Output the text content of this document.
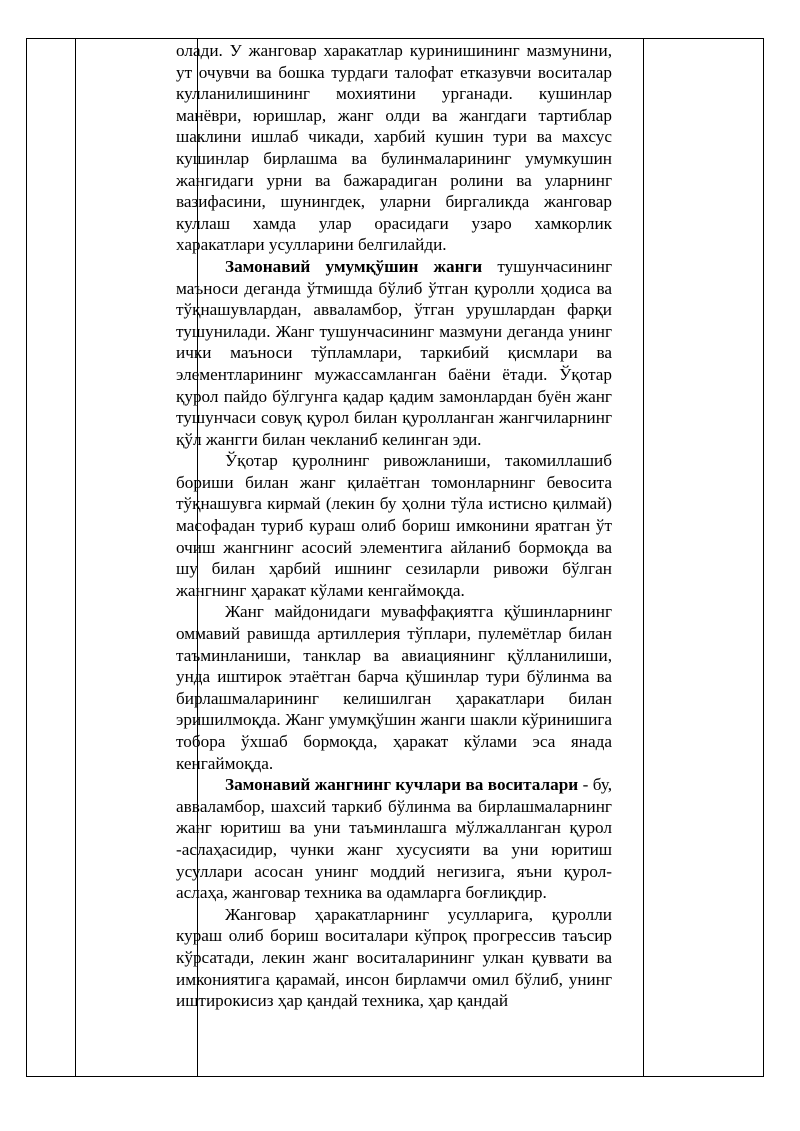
олади. У жанговар харакатлар куринишининг мазмунини, ут очувчи ва бошка турдаги талофат етказувчи воситалар кулланилишининг мохиятини урганади. кушинлар манёври, юришлар, жанг олди ва жангдаги тартиблар шаклини ишлаб чикади, харбий кушин тури ва махсус кушинлар бирлашма ва булинмаларининг умумкушин жангидаги урни ва бажарадиган ролини ва уларнинг вазифасини, шунингдек, уларни биргаликда жанговар куллаш хамда улар орасидаги узаро хамкорлик харакатлари усулларини белгилайди.

Замонавий умумқўшин жанги тушунчасининг маъноси деганда ўтмишда бўлиб ўтган қуролли ҳодиса ва тўқнашувлардан, аввaламбор, ўтган урушлардан фарқи тушунилади. Жанг тушунчасининг мазмуни деганда унинг ички маъноси тўпламлари, таркибий қисмлари ва элементларининг мужассамланган баёни ётади. Ўқотар қурол пайдо бўлгунга қадар қадим замонлардан буён жанг тушунчаси совуқ қурол билан қуролланган жангчиларнинг қўл жангги билан чекланиб келинган эди.

Ўқотар қуролнинг ривожланиши, такомиллашиб бориши билан жанг қилаётган томонларнинг бевосита тўқнашувга кирмай (лекин бу ҳолни тўла истисно қилмай) масофадан туриб кураш олиб бориш имконини яратган ўт очиш жангнинг асосий элементига айланиб бормоқда ва шу билан ҳарбий ишнинг сезиларли ривожи бўлган жангнинг ҳаракат кўлами кенгаймоқда.

Жанг майдонидаги муваффақиятга қўшинларнинг оммавий равишда артиллерия тўплари, пулемётлар билан таъминланиши, танклар ва авиациянинг қўлланилиши, унда иштирок этаётган барча қўшинлар тури бўлинма ва бирлашмаларининг келишилган ҳаракатлари билан эришилмоқда. Жанг умумқўшин жанги шакли кўринишига тобора ўхшаб бормоқда, ҳаракат кўлами эса янада кенгаймоқда.

Замонавий жангнинг кучлари ва воситалари - бу, аввaламбор, шахсий таркиб бўлинма ва бирлашмаларнинг жанг юритиш ва уни таъминлашга мўлжалланган қурол -аслаҳасидир, чунки жанг хусусияти ва уни юритиш усуллари асосан унинг моддий негизига, яъни қурол-аслаҳа, жанговар техника ва одамларга боғлиқдир.

Жанговар ҳаракатларнинг усулларига, қуролли кураш олиб бориш воситалари кўпроқ прогрессив таъсир кўрсатади, лекин жанг воситаларининг улкан қуввати ва имкониятига қарамай, инсон бирламчи омил бўлиб, унинг иштирокисиз ҳар қандай техника, ҳар қандай
